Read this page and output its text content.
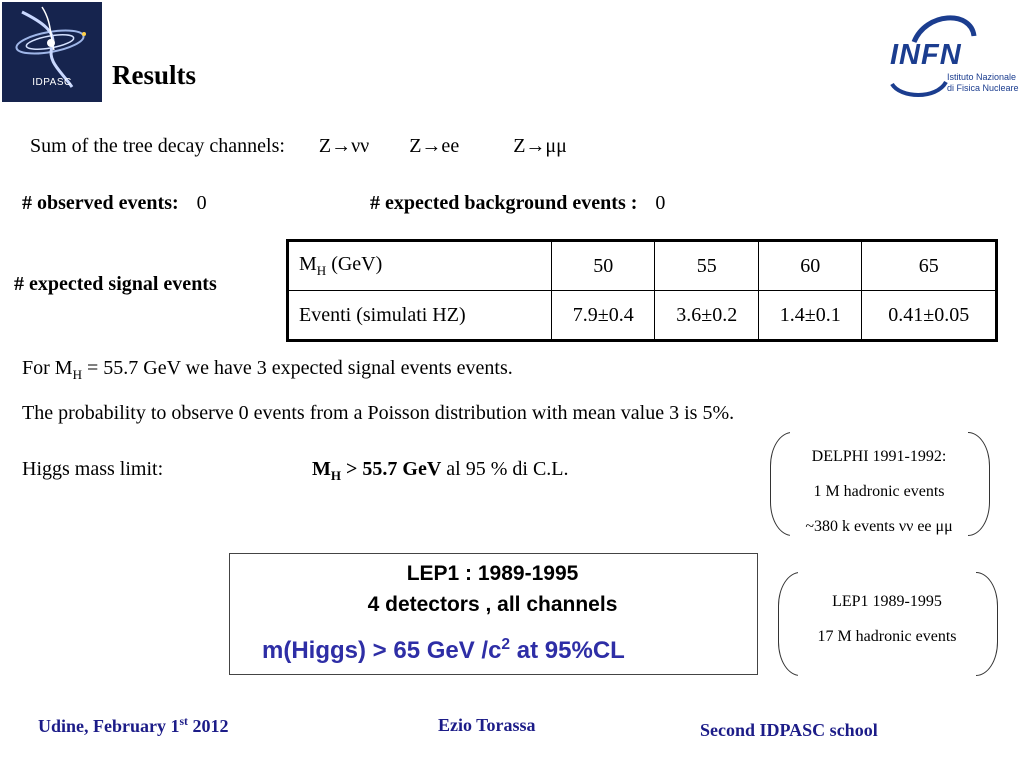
IDPASC	Results
INFN
Istituto Nazionale
di Fisica Nucleare
Sum of the tree decay channels: Z→νν Z→ee	Z→μμ
# observed events: 0	# expected background events : 0
# expected signal events
$M_H$ (GeV)	50	55	60	65
Eventi (simulati HZ)	7.9±0.4	3.6±0.2	1.4±0.1	0.41±0.05
For $M_H = 55.7$ GeV we have 3 expected signal events events.
The probability to observe 0 events from a Poisson distribution with mean value 3 is 5%.
Higgs mass limit:	$M_H > 55.7$ GeV al 95 % di C.L.
DELPHI 1991-1992:
1 M hadronic events
~380 k events νν ee μμ
LEP1 : 1989-1995
4 detectors , all channels
m(Higgs) > 65 GeV $/c^2$ at 95%CL
LEP1 1989-1995
17 M hadronic events
Udine, February 1st 2012	Ezio Torassa	Second IDPASC school
